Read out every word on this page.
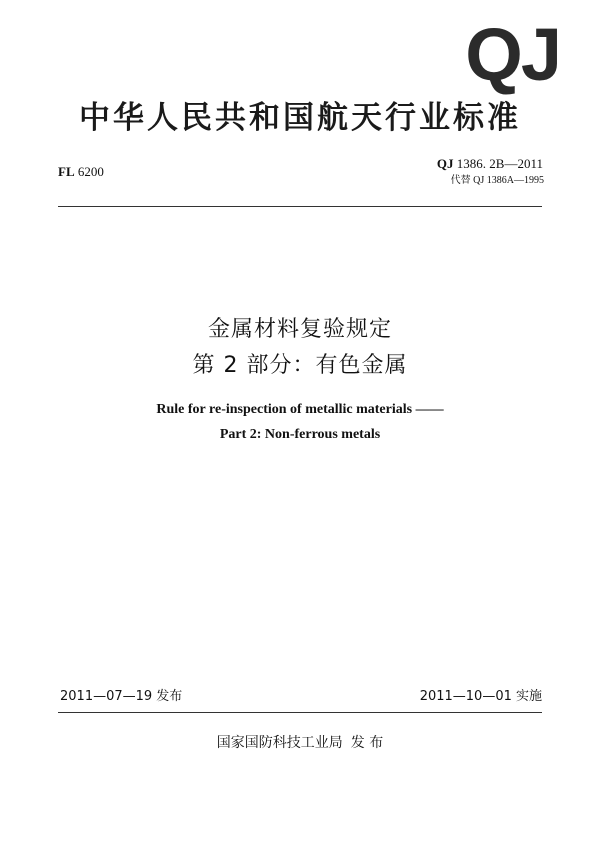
QJ
中华人民共和国航天行业标准
FL 6200
QJ 1386. 2B—2011
代替 QJ 1386A—1995
金属材料复验规定
第 2 部分：有色金属
Rule for re-inspection of metallic materials ——
Part 2: Non-ferrous metals
2011—07—19 发布	2011—10—01 实施
国家国防科技工业局 发 布
